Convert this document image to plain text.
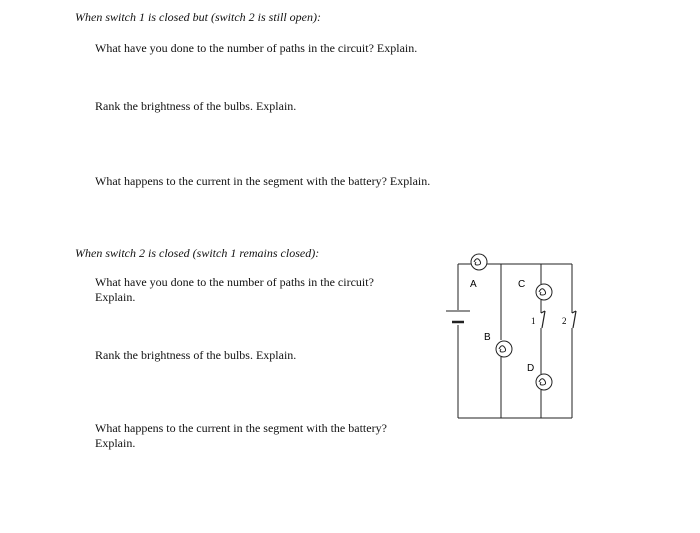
When switch 1 is closed but (switch 2 is still open):
What have you done to the number of paths in the circuit? Explain.
Rank the brightness of the bulbs. Explain.
What happens to the current in the segment with the battery? Explain.
When switch 2 is closed (switch 1 remains closed):
What have you done to the number of paths in the circuit?
Explain.
Rank the brightness of the bulbs. Explain.
What happens to the current in the segment with the battery?
Explain.
A
B
C
D
1	2
